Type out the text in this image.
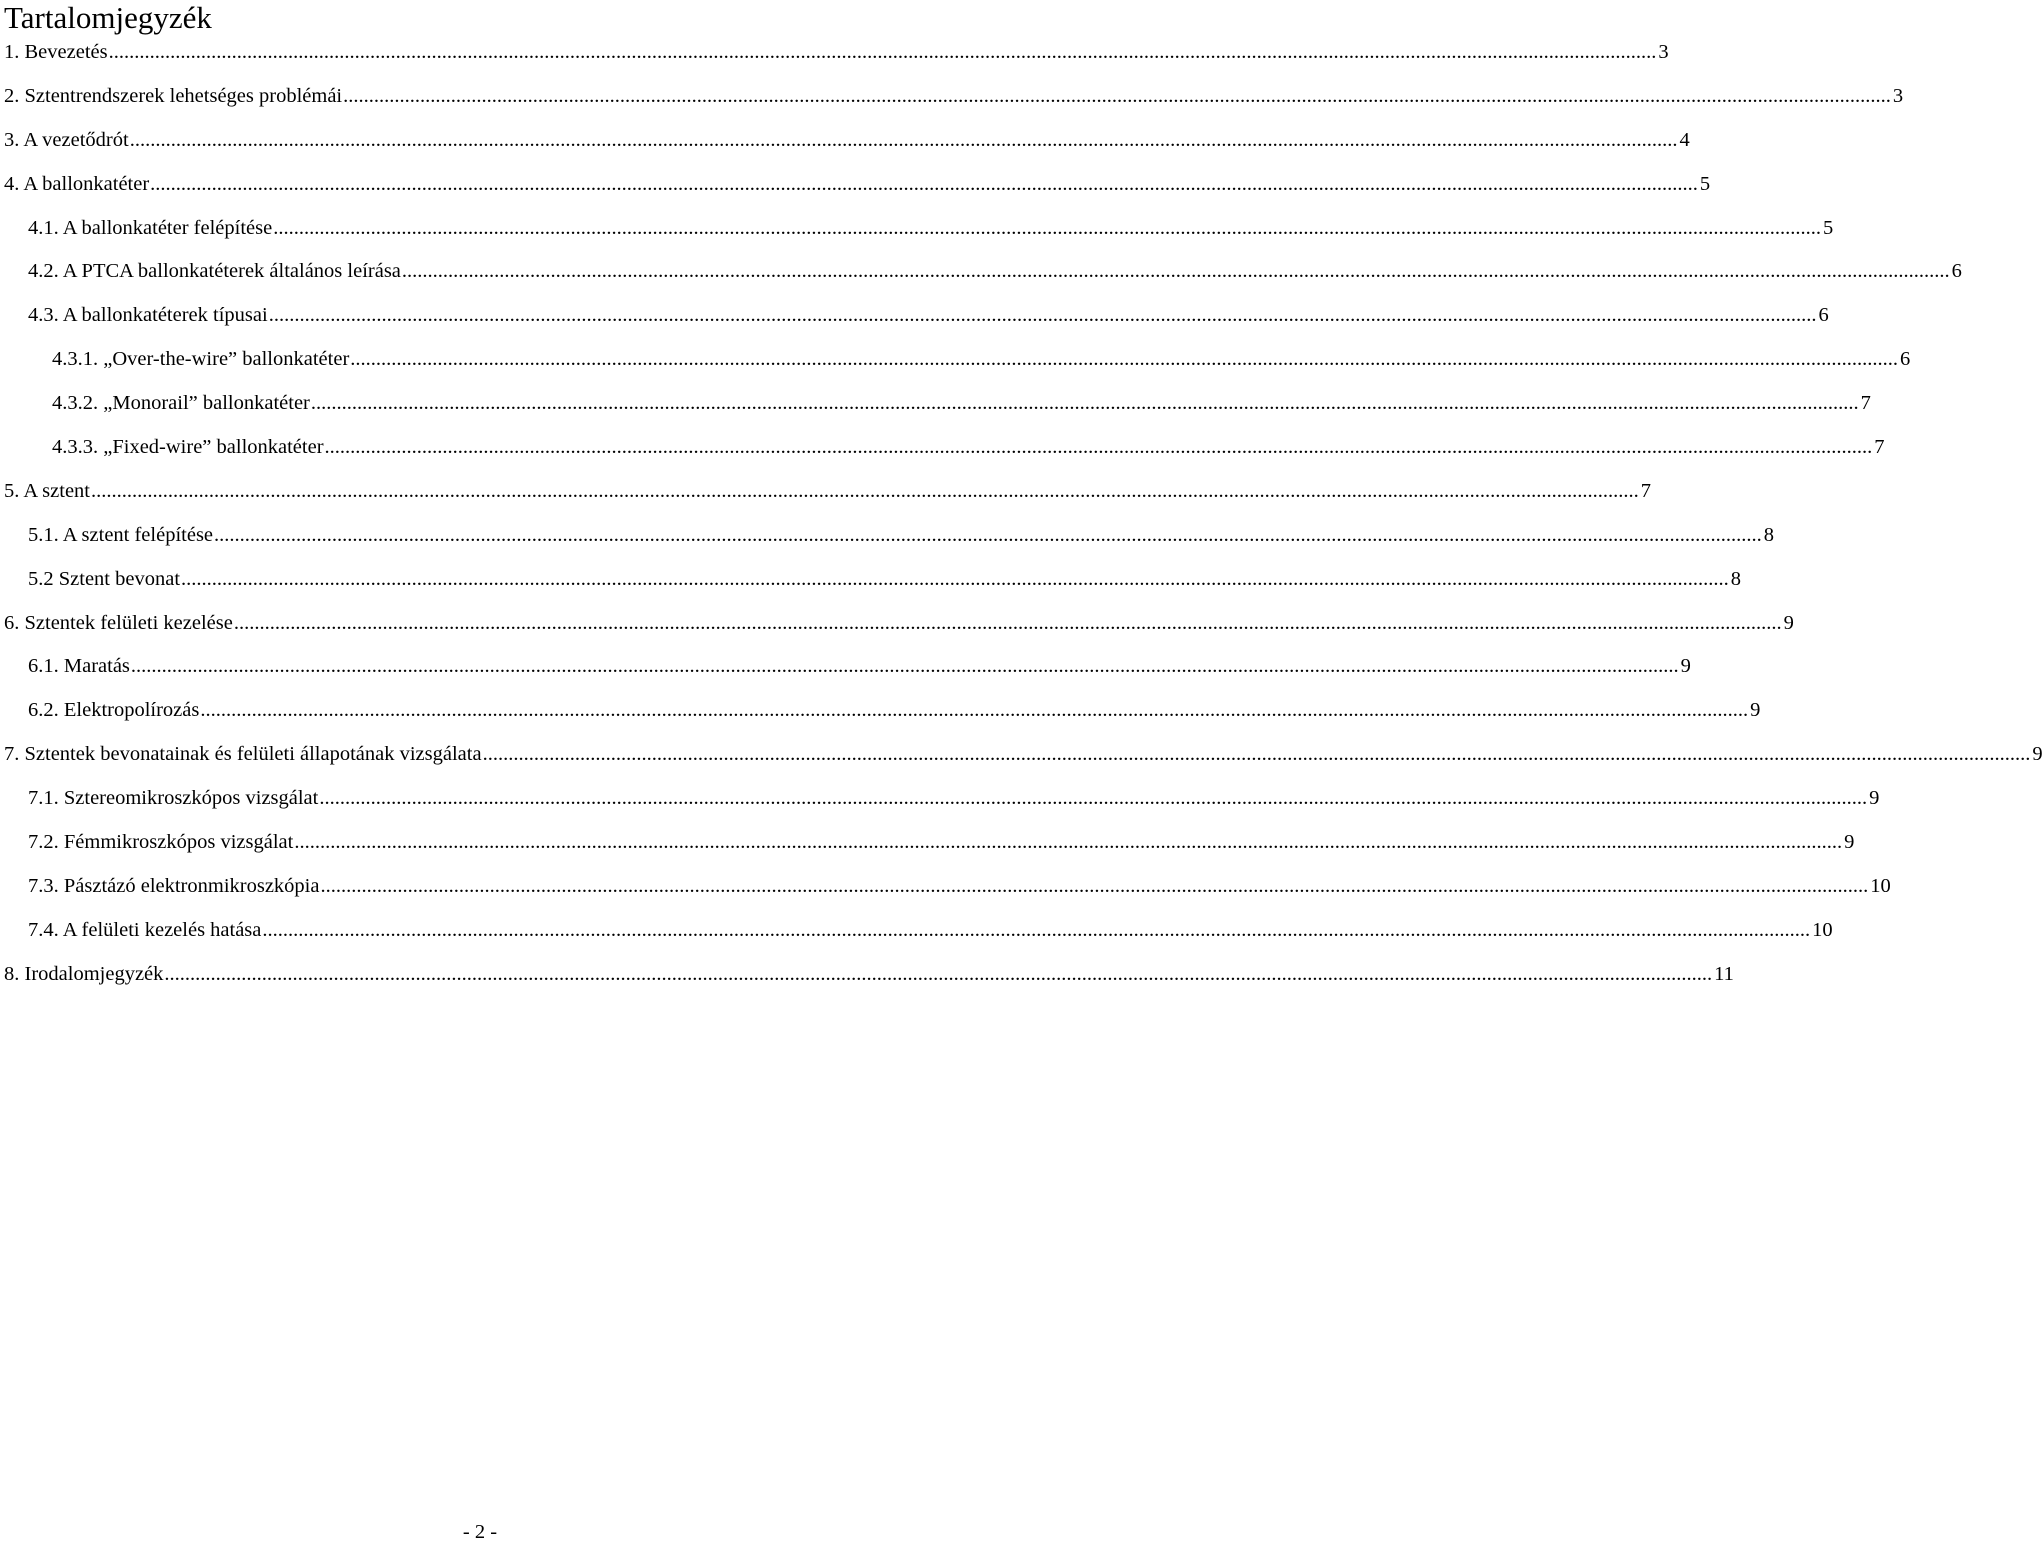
Tartalomjegyzék
1. Bevezetés .....	3
2. Sztentrendszerek lehetséges problémái .....	3
3. A vezetődrót .....	4
4. A ballonkatéter .....	5
4.1. A ballonkatéter felépítése .....	5
4.2. A PTCA ballonkatéterek általános leírása .....	6
4.3. A ballonkatéterek típusai .....	6
4.3.1. „Over-the-wire” ballonkatéter .....	6
4.3.2. „Monorail” ballonkatéter .....	7
4.3.3. „Fixed-wire” ballonkatéter .....	7
5. A sztent .....	7
5.1. A sztent felépítése .....	8
5.2 Sztent bevonat .....	8
6. Sztentek felületi kezelése .....	9
6.1. Maratás .....	9
6.2. Elektropolírozás .....	9
7. Sztentek bevonatainak és felületi állapotának vizsgálata .....	9
7.1. Sztereomikroszkópos vizsgálat .....	9
7.2. Fémmikroszkópos vizsgálat .....	9
7.3. Pásztázó elektronmikroszkópia .....	10
7.4. A felületi kezelés hatása .....	10
8. Irodalomjegyzék .....	11
- 2 -
